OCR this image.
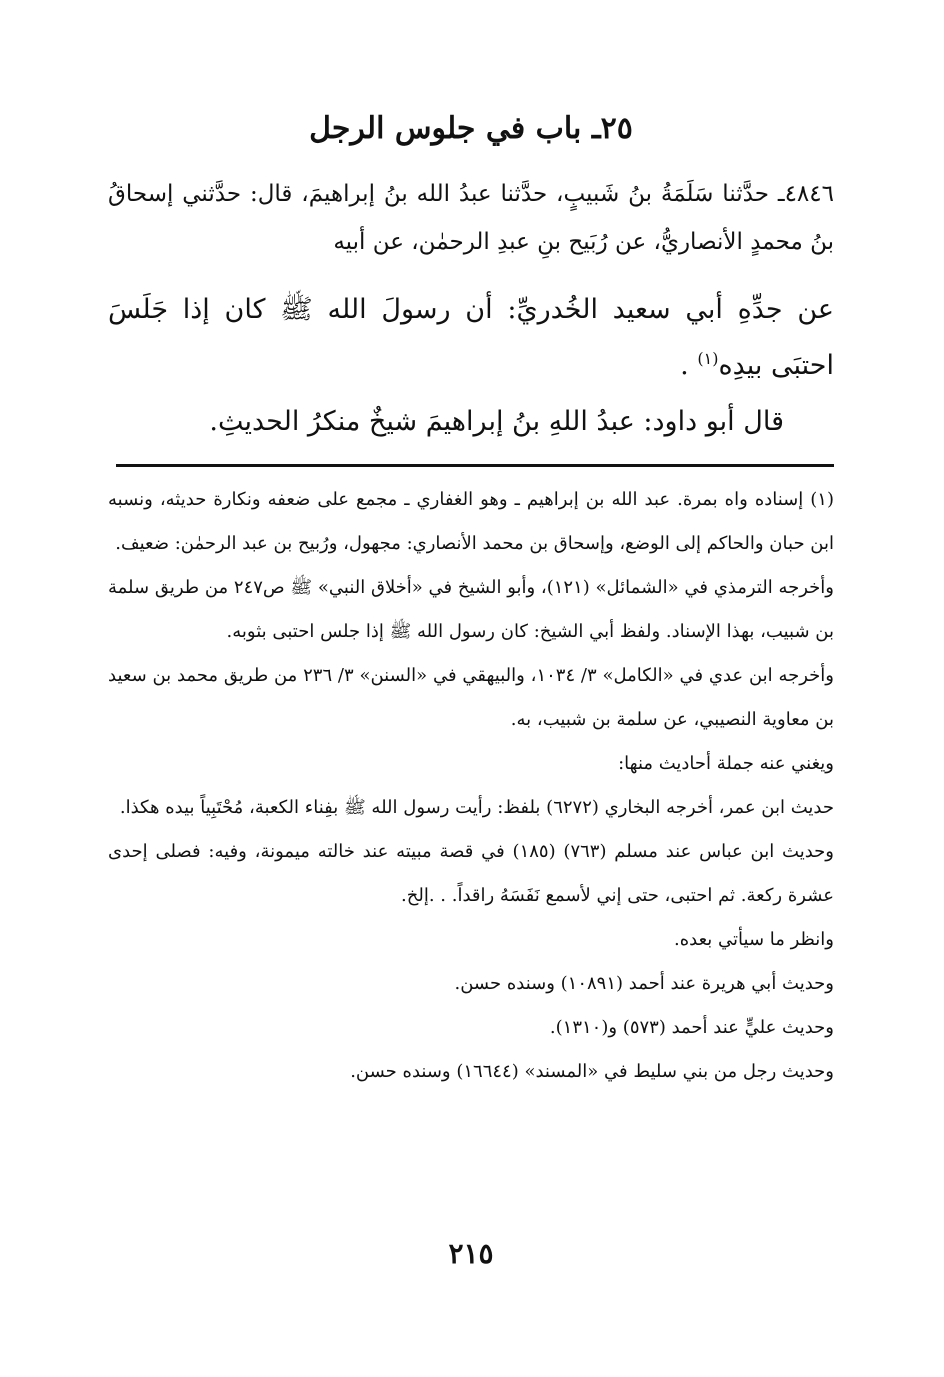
٢٥ـ باب في جلوس الرجل

٤٨٤٦ـ حدَّثنا سَلَمَةُ بنُ شَبيبٍ، حدَّثنا عبدُ الله بنُ إبراهيمَ، قال: حدَّثني إسحاقُ بنُ محمدٍ الأنصاريُّ، عن رُبَيح بنِ عبدِ الرحمٰن، عن أبيه

عن جدِّهِ أبي سعيد الخُدريِّ: أن رسولَ الله ﷺ كان إذا جَلَسَ احتبَى بيدِه$^{(١)}$ .

قال أبو داود: عبدُ اللهِ بنُ إبراهيمَ شيخٌ منكرُ الحديثِ.

(١) إسناده واه بمرة. عبد الله بن إبراهيم ـ وهو الغفاري ـ مجمع على ضعفه ونكارة حديثه، ونسبه ابن حبان والحاكم إلى الوضع، وإسحاق بن محمد الأنصاري: مجهول، ورُبيح بن عبد الرحمٰن: ضعيف.

وأخرجه الترمذي في «الشمائل» (١٢١)، وأبو الشيخ في «أخلاق النبي» ﷺ ص٢٤٧ من طريق سلمة بن شبيب، بهذا الإسناد. ولفظ أبي الشيخ: كان رسول الله ﷺ إذا جلس احتبى بثوبه.

وأخرجه ابن عدي في «الكامل» ٣/ ١٠٣٤، والبيهقي في «السنن» ٣/ ٢٣٦ من طريق محمد بن سعيد بن معاوية النصيبي، عن سلمة بن شبيب، به.

ويغني عنه جملة أحاديث منها:

حديث ابن عمر، أخرجه البخاري (٦٢٧٢) بلفظ: رأيت رسول الله ﷺ بفِناء الكعبة، مُحْتَبِياً بيده هكذا.

وحديث ابن عباس عند مسلم (٧٦٣) (١٨٥) في قصة مبيته عند خالته ميمونة، وفيه: فصلى إحدى عشرة ركعة. ثم احتبى، حتى إني لأسمع نَفَسَهُ راقداً. . .إلخ.

وانظر ما سيأتي بعده.

وحديث أبي هريرة عند أحمد (١٠٨٩١) وسنده حسن.

وحديث عليٍّ عند أحمد (٥٧٣) و(١٣١٠).

وحديث رجل من بني سليط في «المسند» (١٦٦٤٤) وسنده حسن.

٢١٥
